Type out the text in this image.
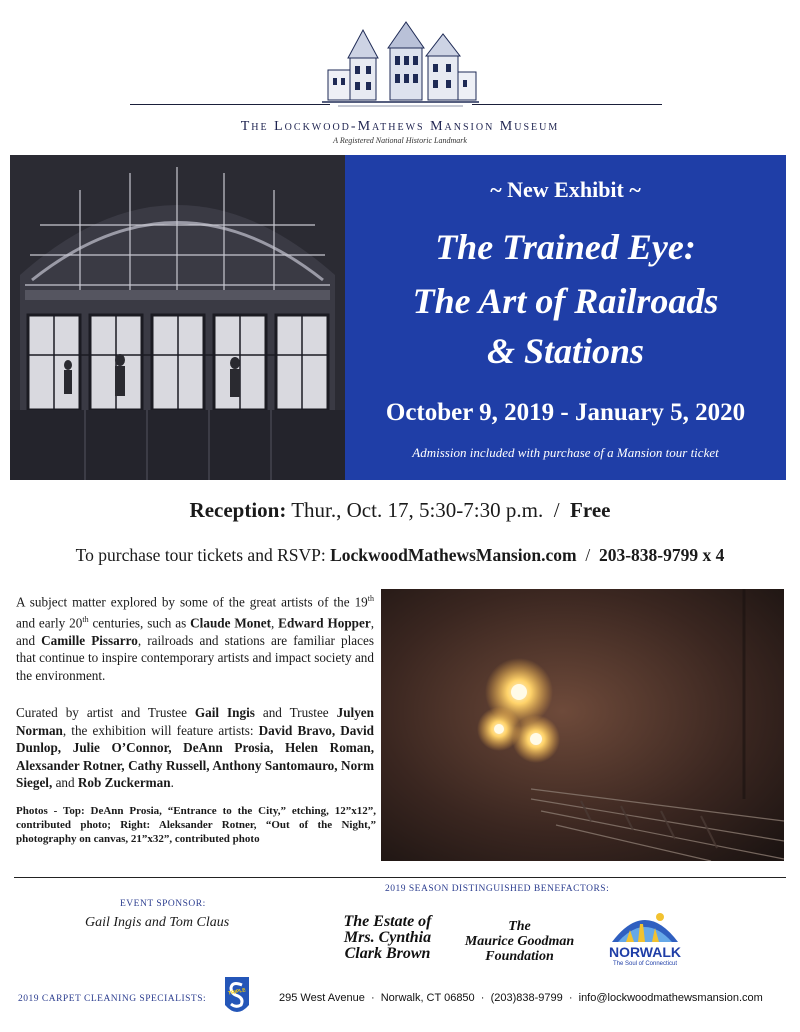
The Lockwood-Mathews Mansion Museum
A Registered National Historic Landmark
~ New Exhibit ~
The Trained Eye:
The Art of Railroads
& Stations
October 9, 2019 - January 5, 2020
Admission included with purchase of a Mansion tour ticket
Reception: Thur., Oct. 17, 5:30-7:30 p.m. / Free
To purchase tour tickets and RSVP: LockwoodMathewsMansion.com / 203-838-9799 x 4
A subject matter explored by some of the great artists of the 19th and early 20th centuries, such as Claude Monet, Edward Hopper, and Camille Pissarro, railroads and stations are familiar places that continue to inspire contemporary artists and impact society and the environment.
Curated by artist and Trustee Gail Ingis and Trustee Julyen Norman, the exhibition will feature artists: David Bravo, David Dunlop, Julie O’Connor, DeAnn Prosia, Helen Roman, Alexsander Rotner, Cathy Russell, Anthony Santomauro, Norm Siegel, and Rob Zuckerman.
Photos - Top: DeAnn Prosia, “Entrance to the City,” etching, 12”x12”, contributed photo; Right: Aleksander Rotner, “Out of the Night,” photography on canvas, 21”x32”, contributed photo
EVENT SPONSOR:
Gail Ingis and Tom Claus
2019 SEASON DISTINGUISHED BENEFACTORS:
The Estate of
Mrs. Cynthia
Clark Brown
The
Maurice Goodman
Foundation	NORWALK
The Soul of Connecticut
2019 CARPET CLEANING SPECIALISTS:
TRIPLE	295 West Avenue  ·  Norwalk, CT 06850  ·  (203)838-9799  ·  info@lockwoodmathewsmansion.com
